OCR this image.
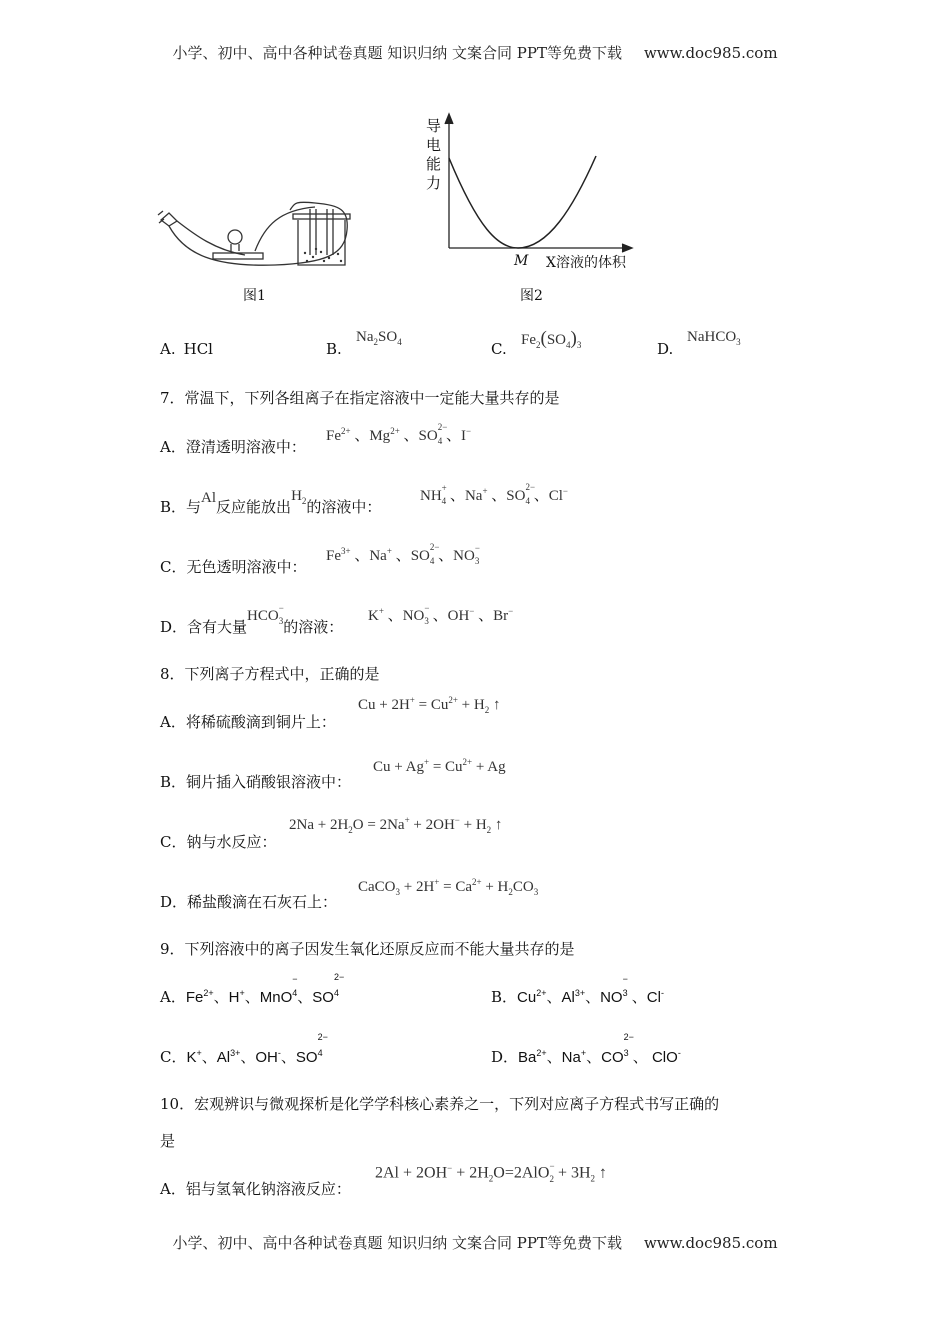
小学、初中、高中各种试卷真题 知识归纳 文案合同 PPT等免费下载 www.doc985.com
图1
导
电
能
力
M X溶液的体积
图2
A. HCl	B.
$Na_2SO_4$	C. $Fe_2(SO_4)_3$	D.
NaHCO$_3$
7．常温下，下列各组离子在指定溶液中一定能大量共存的是
A．澄清透明溶液中：
$Fe^{2+}$ 、$Mg^{2+}$ 、SO
$_{2- 4}$ 、I−
B．与Al反应能放出$H_2$的溶液中：
NH $_{+ 4}$ 、Na+ 、SO
$_{2- 4}$ 、Cl−
C．无色透明溶液中：
$Fe^{3+}$ 、Na+ 、SO
$_{2- 4}$ 、NO $_{- 3}$
D．含有大量HCO $_{- 3}$的溶液：
K+ 、NO $_{- 3}$ 、OH− 、Br−
8．下列离子方程式中，正确的是
A．将稀硫酸滴到铜片上：
$Cu + 2H^+ = Cu^{2+} + H_2$ ↑
B．铜片插入硝酸银溶液中：
$Cu + Ag^+ = Cu^{2+} + Ag$
C．钠与水反应：
$2Na + 2H_2O = 2Na^+ + 2OH^- + H_2$ ↑
D．稀盐酸滴在石灰石上：
CaCO$_3$ + $2H^+ = Ca^{2+} + H_2CO_3$
9．下列溶液中的离子因发生氧化还原反应而不能大量共存的是
A．$Fe^{2+}$、H+、MnO
$^{- 4}$、SO
$^{2- 4}$	B．$Cu^{2+}$、$Al^{3+}$、NO
$^{- 3}$ 、Cl-
C．K+、$Al^{3+}$、OH-、SO
$^{2- 4}$	D．$Ba^{2+}$、Na+、CO
$^{2- 3}$ 、 ClO-
10．宏观辨识与微观探析是化学学科核心素养之一，下列对应离子方程式书写正确的
是
A．铝与氢氧化钠溶液反应：
$2Al + 2OH^- + 2H_2O=2AlO$ $_{- 2} + 3H_2$ ↑
小学、初中、高中各种试卷真题 知识归纳 文案合同 PPT等免费下载 www.doc985.com
